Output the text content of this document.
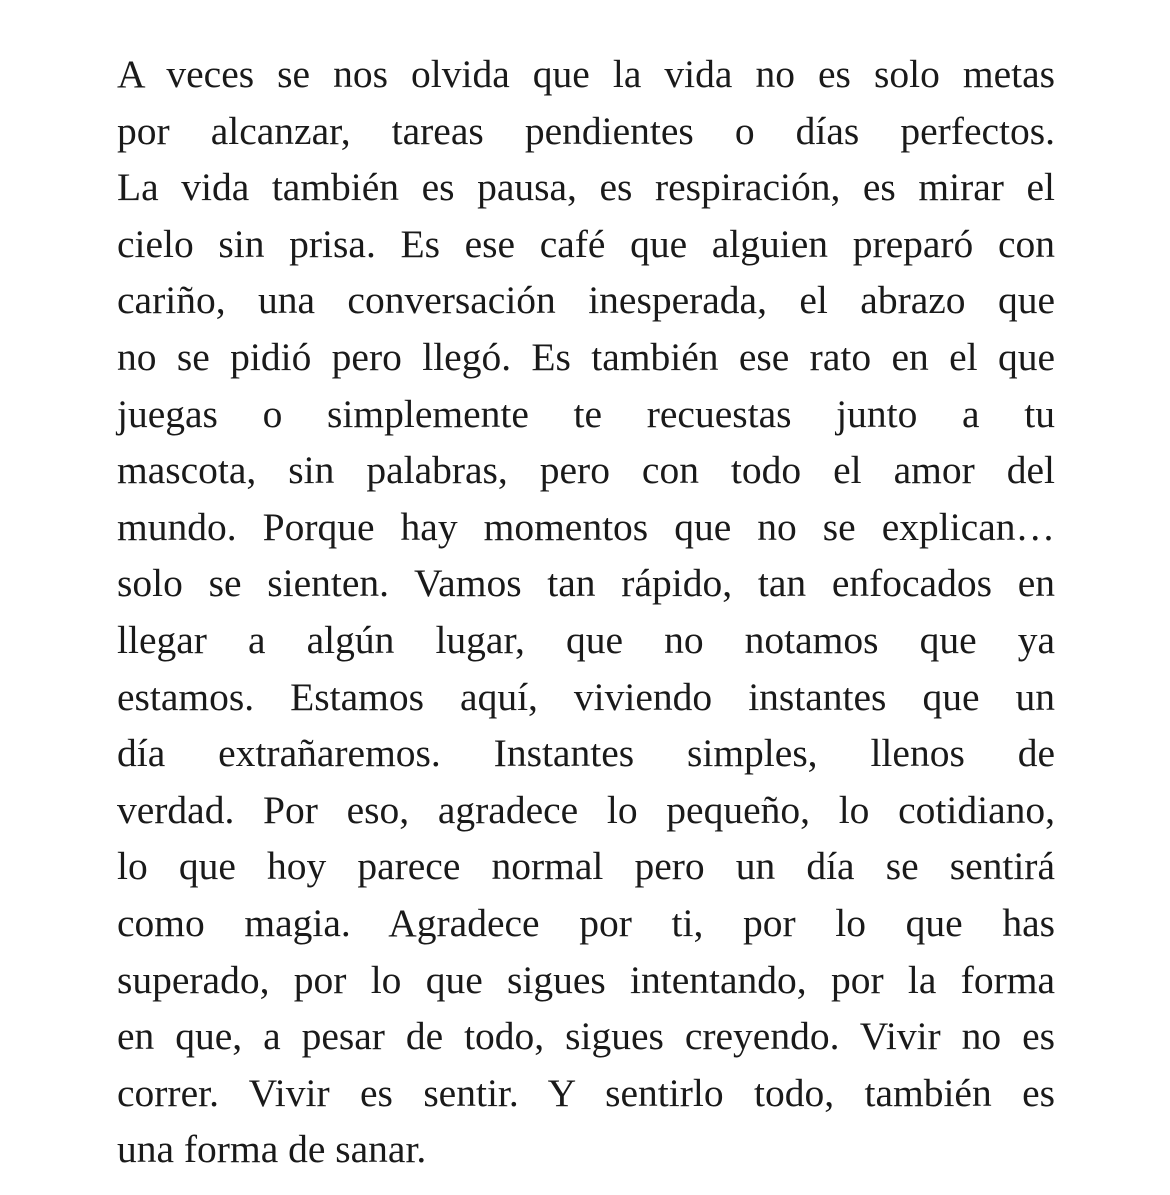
A veces se nos olvida que la vida no es solo metas
por alcanzar, tareas pendientes o días perfectos.
La vida también es pausa, es respiración, es mirar el
cielo sin prisa. Es ese café que alguien preparó con
cariño, una conversación inesperada, el abrazo que
no se pidió pero llegó. Es también ese rato en el que
juegas o simplemente te recuestas junto a tu
mascota, sin palabras, pero con todo el amor del
mundo. Porque hay momentos que no se explican…
solo se sienten. Vamos tan rápido, tan enfocados en
llegar a algún lugar, que no notamos que ya
estamos. Estamos aquí, viviendo instantes que un
día extrañaremos. Instantes simples, llenos de
verdad. Por eso, agradece lo pequeño, lo cotidiano,
lo que hoy parece normal pero un día se sentirá
como magia. Agradece por ti, por lo que has
superado, por lo que sigues intentando, por la forma
en que, a pesar de todo, sigues creyendo. Vivir no es
correr. Vivir es sentir. Y sentirlo todo, también es
una forma de sanar.
